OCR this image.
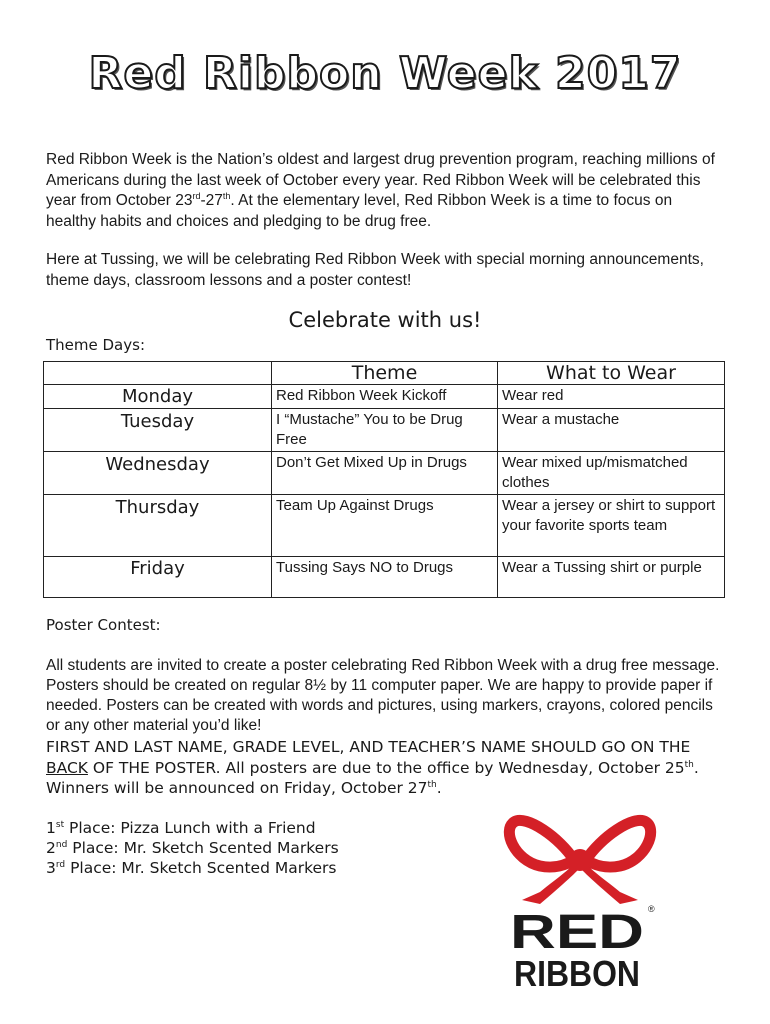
Red Ribbon Week 2017
Red Ribbon Week is the Nation’s oldest and largest drug prevention program, reaching millions of Americans during the last week of October every year. Red Ribbon Week will be celebrated this year from October 23rd-27th. At the elementary level, Red Ribbon Week is a time to focus on healthy habits and choices and pledging to be drug free.
Here at Tussing, we will be celebrating Red Ribbon Week with special morning announcements, theme days, classroom lessons and a poster contest!
Celebrate with us!
Theme Days:
	Theme	What to Wear
Monday	Red Ribbon Week Kickoff	Wear red
Tuesday	I “Mustache” You to be Drug Free	Wear a mustache
Wednesday	Don’t Get Mixed Up in Drugs	Wear mixed up/mismatched clothes
Thursday	Team Up Against Drugs	Wear a jersey or shirt to support your favorite sports team
Friday	Tussing Says NO to Drugs	Wear a Tussing shirt or purple
Poster Contest:
All students are invited to create a poster celebrating Red Ribbon Week with a drug free message. Posters should be created on regular 8½ by 11 computer paper. We are happy to provide paper if needed. Posters can be created with words and pictures, using markers, crayons, colored pencils or any other material you’d like!
FIRST AND LAST NAME, GRADE LEVEL, AND TEACHER’S NAME SHOULD GO ON THE BACK OF THE POSTER. All posters are due to the office by Wednesday, October 25th. Winners will be announced on Friday, October 27th.
1st Place: Pizza Lunch with a Friend
2nd Place: Mr. Sketch Scented Markers
3rd Place: Mr. Sketch Scented Markers
RED ®
RIBBON
